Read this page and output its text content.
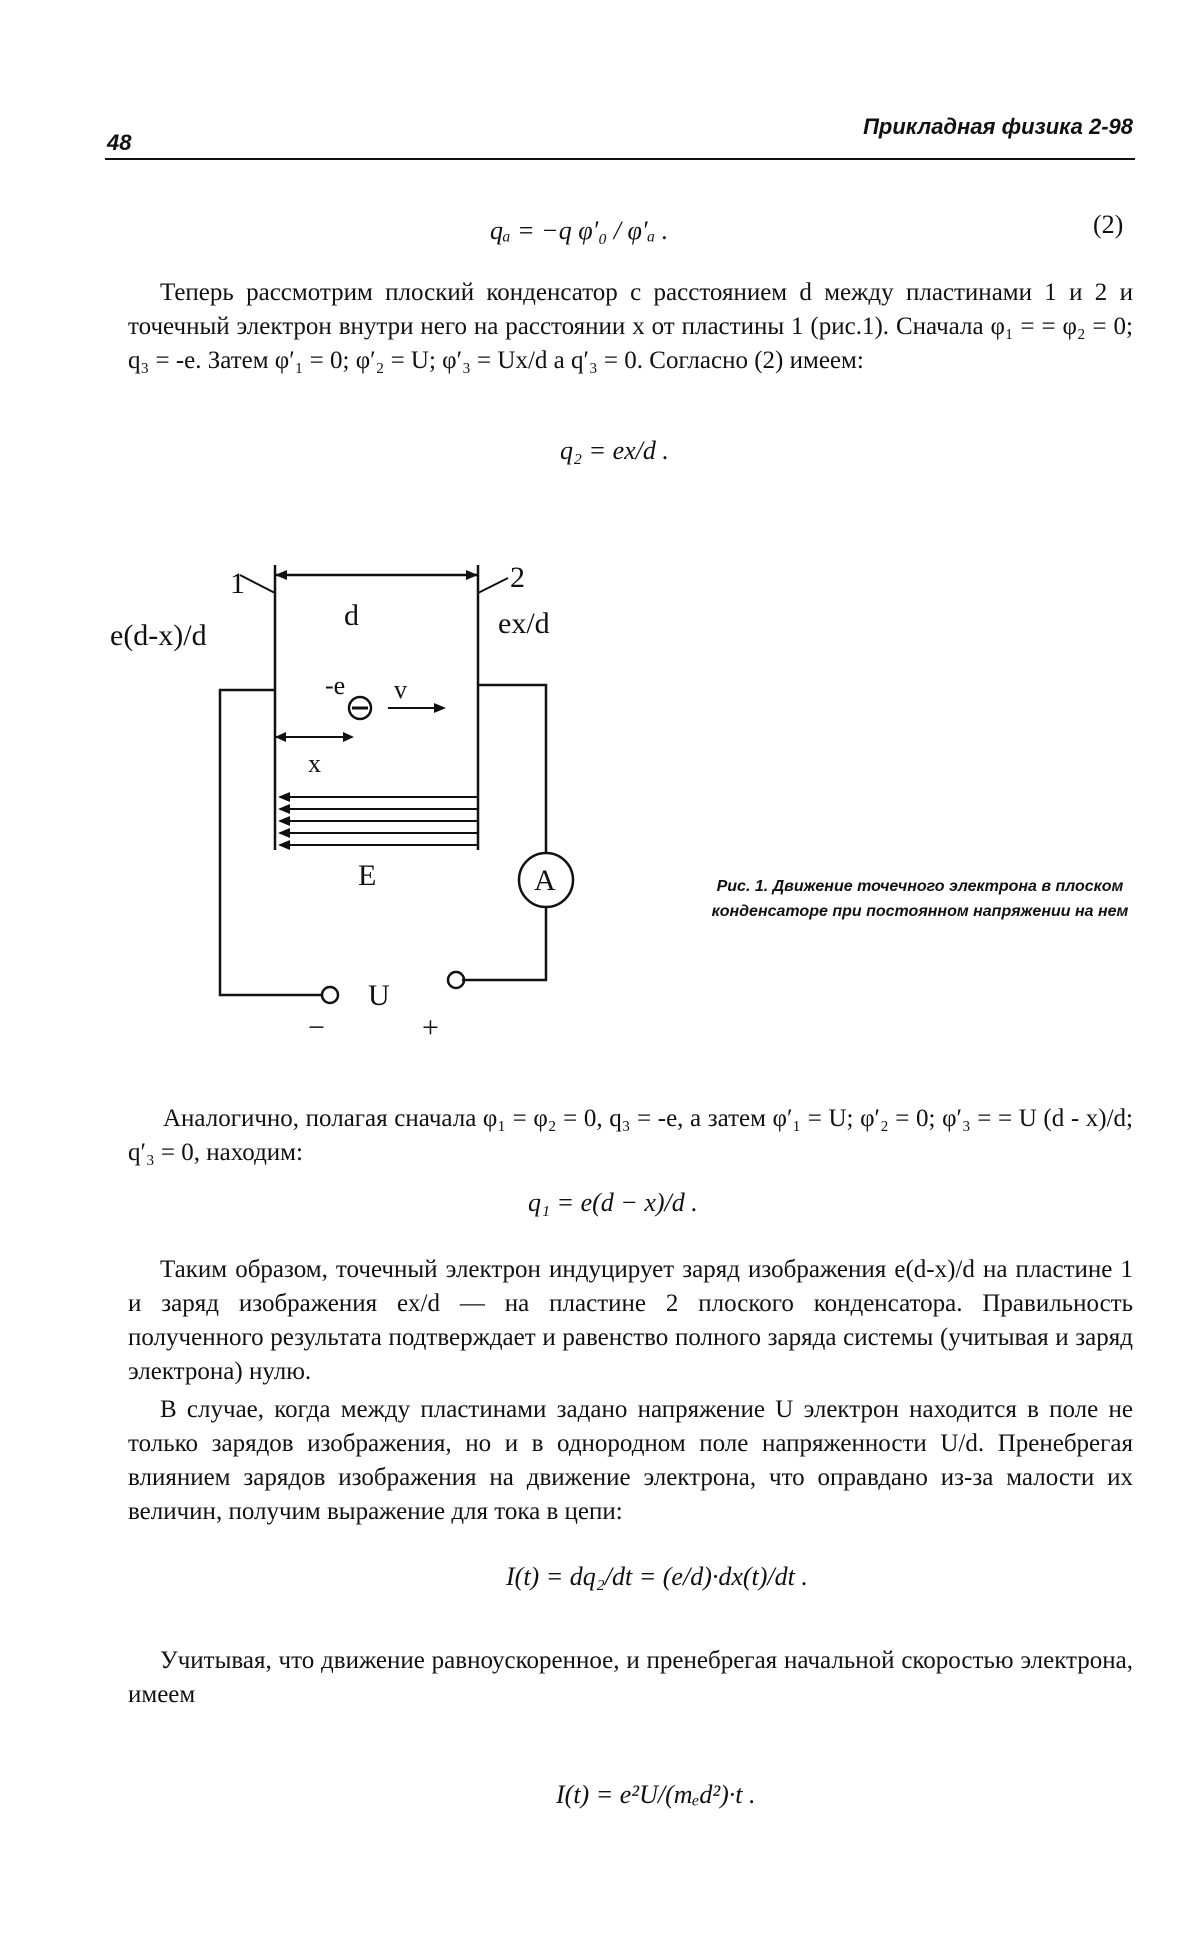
48
Прикладная физика 2-98
qₐ = −q φ′₀ / φ′ₐ .	(2)

Теперь рассмотрим плоский конденсатор с расстоянием d между пластинами 1 и 2 и точечный электрон внутри него на расстоянии x от пластины 1 (рис.1). Сначала φ₁ = = φ₂ = 0; q₃ = -e. Затем φ′₁ = 0; φ′₂ = U; φ′₃ = Ux/d a q′₃ = 0. Согласно (2) имеем:

q₂ = ex/d .
1	2
e(d-x)/d	ex/d
d
-e v
x
E	A
U
−	+
Рис. 1. Движение точечного электрона в плоском конденсаторе при постоянном напряжении на нем

Аналогично, полагая сначала φ₁ = φ₂ = 0, q₃ = -e, а затем φ′₁ = U; φ′₂ = 0; φ′₃ = = U (d - x)/d; q′₃ = 0, находим:

q₁ = e(d − x)/d .

Таким образом, точечный электрон индуцирует заряд изображения e(d-x)/d на пластине 1 и заряд изображения ex/d — на пластине 2 плоского конденсатора. Правильность полученного результата подтверждает и равенство полного заряда системы (учитывая и заряд электрона) нулю.

В случае, когда между пластинами задано напряжение U электрон находится в поле не только зарядов изображения, но и в однородном поле напряженности U/d. Пренебрегая влиянием зарядов изображения на движение электрона, что оправдано из-за малости их величин, получим выражение для тока в цепи:

I(t) = dq₂/dt = (e/d)·dx(t)/dt .

Учитывая, что движение равноускоренное, и пренебрегая начальной скоростью электрона, имеем

I(t) = e²U/(mₑd²)·t .
